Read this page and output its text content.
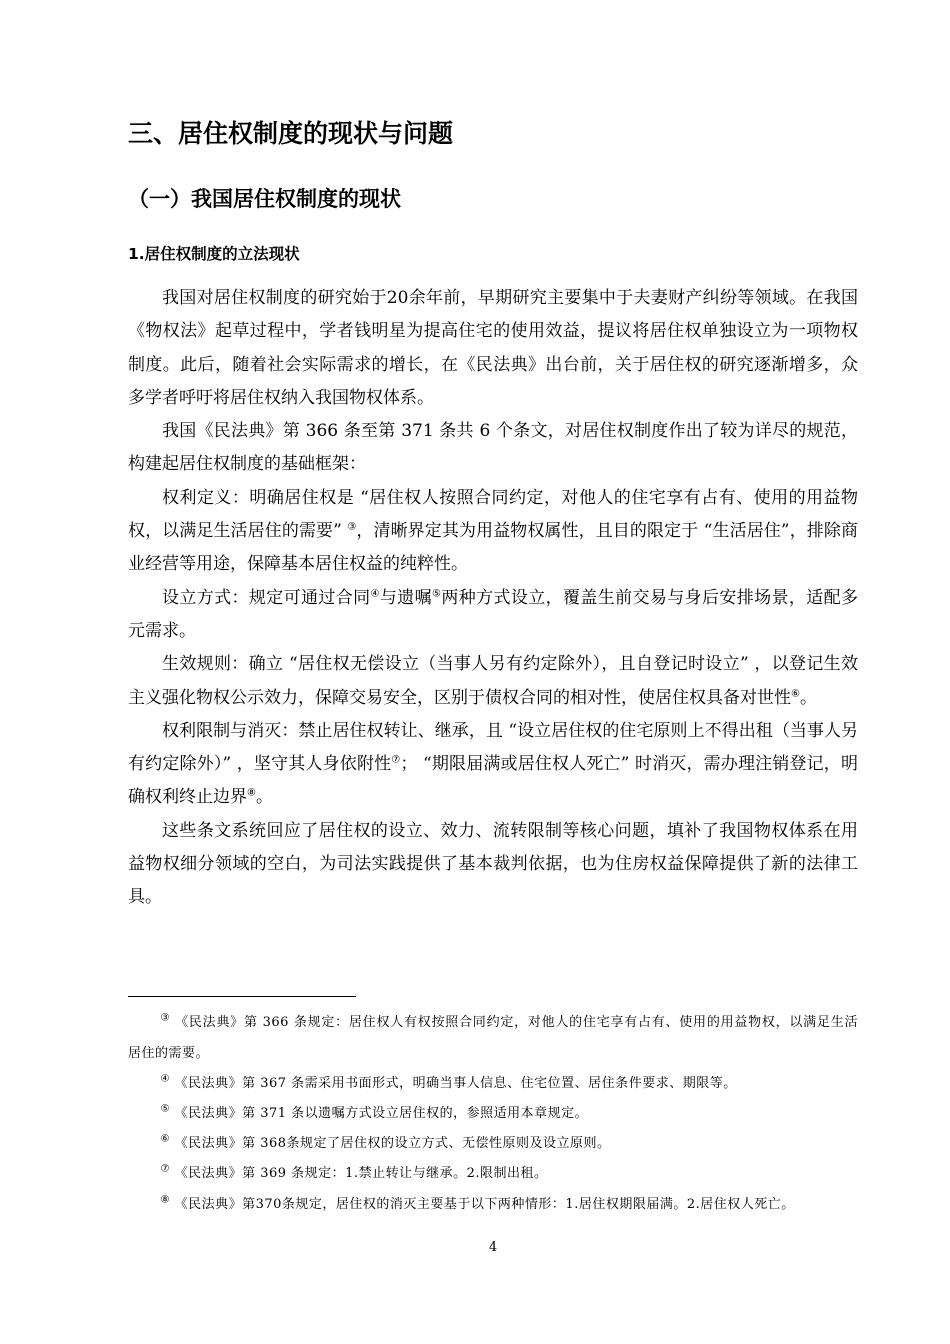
三、居住权制度的现状与问题
（一）我国居住权制度的现状
1.居住权制度的立法现状

我国对居住权制度的研究始于20余年前，早期研究主要集中于夫妻财产纠纷等领域。在我国《物权法》起草过程中，学者钱明星为提高住宅的使用效益，提议将居住权单独设立为一项物权制度。此后，随着社会实际需求的增长，在《民法典》出台前，关于居住权的研究逐渐增多，众多学者呼吁将居住权纳入我国物权体系。

我国《民法典》第 366 条至第 371 条共 6 个条文，对居住权制度作出了较为详尽的规范，构建起居住权制度的基础框架：

权利定义：明确居住权是 “居住权人按照合同约定，对他人的住宅享有占有、使用的用益物权，以满足生活居住的需要” ③，清晰界定其为用益物权属性，且目的限定于 “生活居住”，排除商业经营等用途，保障基本居住权益的纯粹性。

设立方式：规定可通过合同④与遗嘱⑤两种方式设立，覆盖生前交易与身后安排场景，适配多元需求。

生效规则：确立 “居住权无偿设立（当事人另有约定除外），且自登记时设立” ，以登记生效主义强化物权公示效力，保障交易安全，区别于债权合同的相对性，使居住权具备对世性⑥。

权利限制与消灭：禁止居住权转让、继承，且 “设立居住权的住宅原则上不得出租（当事人另有约定除外）” ，坚守其人身依附性⑦； “期限届满或居住权人死亡” 时消灭，需办理注销登记，明确权利终止边界⑧。

这些条文系统回应了居住权的设立、效力、流转限制等核心问题，填补了我国物权体系在用益物权细分领域的空白，为司法实践提供了基本裁判依据，也为住房权益保障提供了新的法律工具。

③ 《民法典》第 366 条规定：居住权人有权按照合同约定，对他人的住宅享有占有、使用的用益物权，以满足生活居住的需要。

④ 《民法典》第 367 条需采用书面形式，明确当事人信息、住宅位置、居住条件要求、期限等。

⑤ 《民法典》第 371 条以遗嘱方式设立居住权的，参照适用本章规定。

⑥ 《民法典》第 368条规定了居住权的设立方式、无偿性原则及设立原则。

⑦ 《民法典》第 369 条规定：1.禁止转让与继承。2.限制出租。

⑧ 《民法典》第370条规定，居住权的消灭主要基于以下两种情形：1.居住权期限届满。2.居住权人死亡。

4
